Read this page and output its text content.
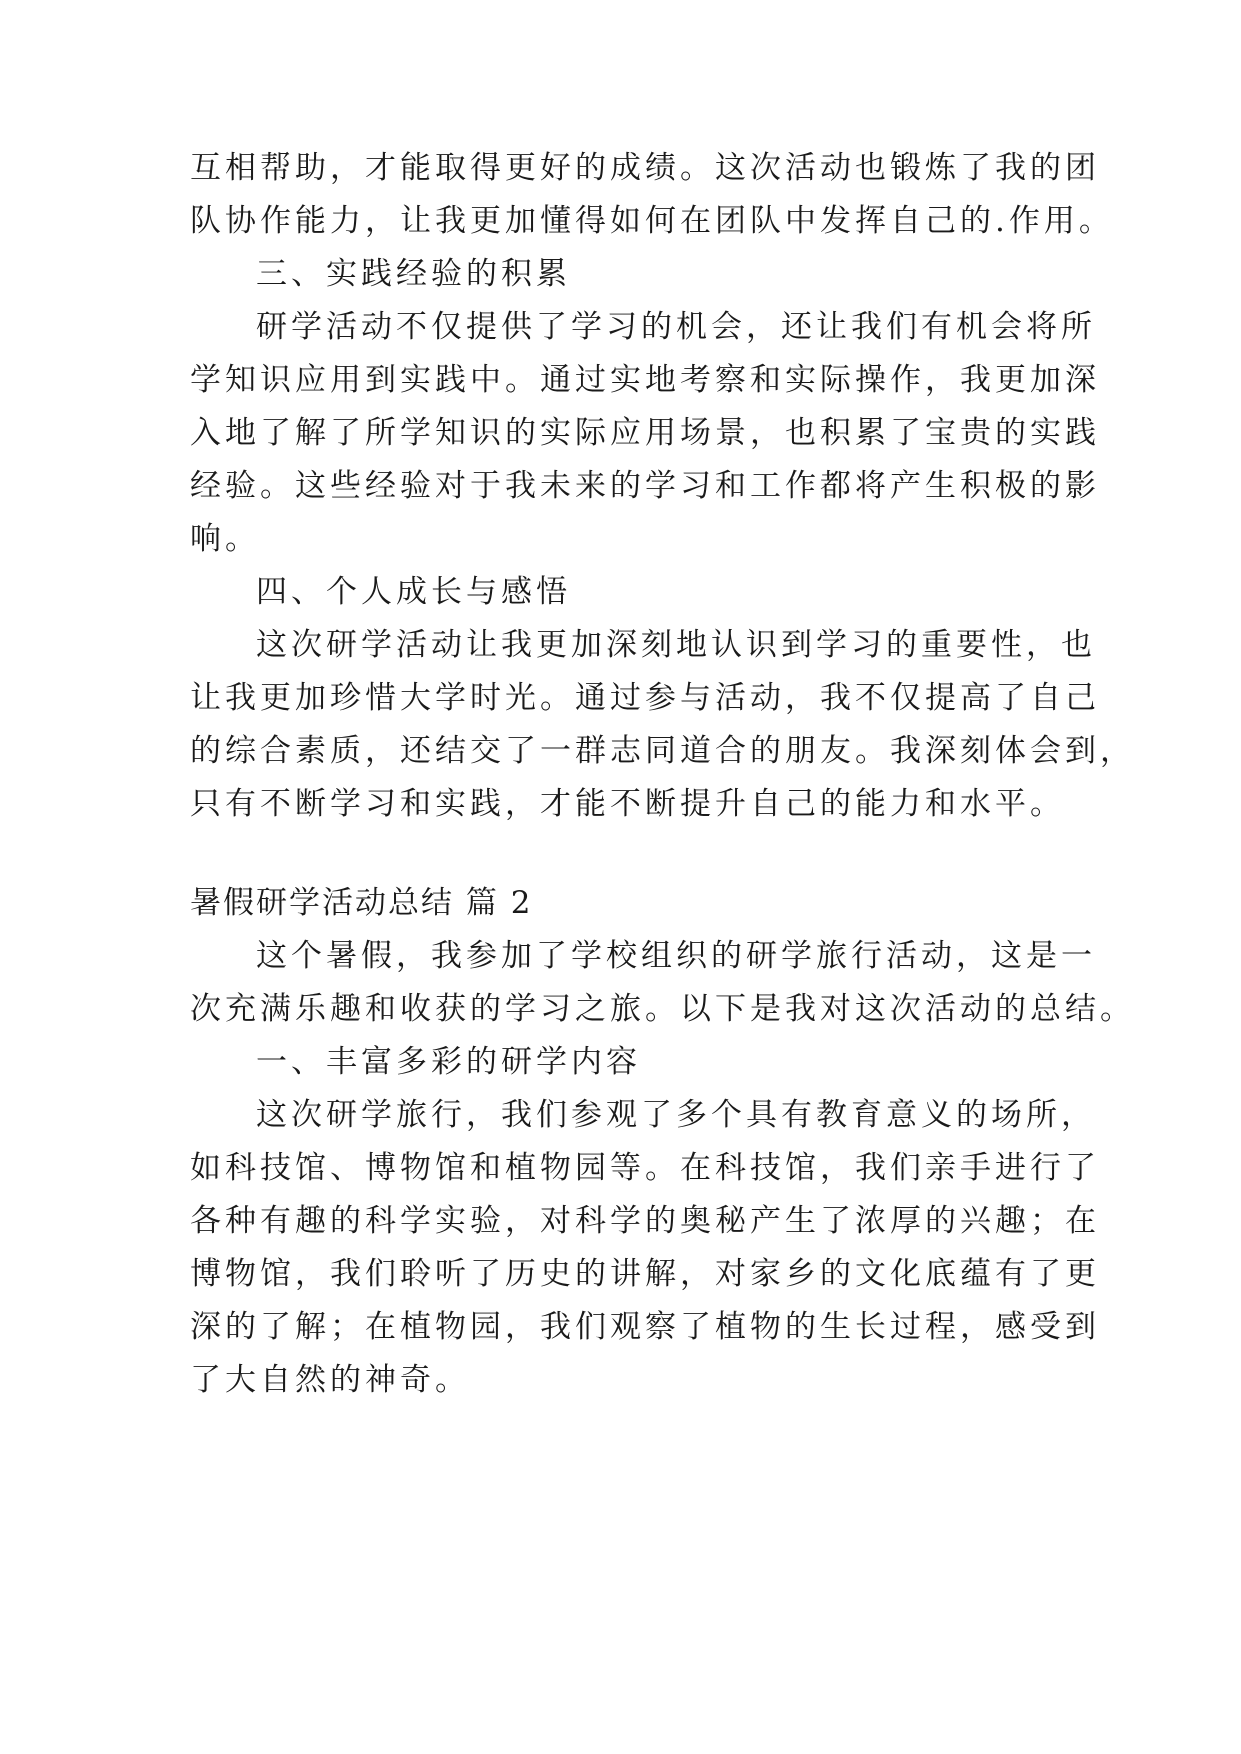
互相帮助，才能取得更好的成绩。这次活动也锻炼了我的团
队协作能力，让我更加懂得如何在团队中发挥自己的.作用。
三、实践经验的积累
研学活动不仅提供了学习的机会，还让我们有机会将所
学知识应用到实践中。通过实地考察和实际操作，我更加深
入地了解了所学知识的实际应用场景，也积累了宝贵的实践
经验。这些经验对于我未来的学习和工作都将产生积极的影
响。
四、个人成长与感悟
这次研学活动让我更加深刻地认识到学习的重要性，也
让我更加珍惜大学时光。通过参与活动，我不仅提高了自己
的综合素质，还结交了一群志同道合的朋友。我深刻体会到，
只有不断学习和实践，才能不断提升自己的能力和水平。
暑假研学活动总结 篇 2
这个暑假，我参加了学校组织的研学旅行活动，这是一
次充满乐趣和收获的学习之旅。以下是我对这次活动的总结。
一、丰富多彩的研学内容
这次研学旅行，我们参观了多个具有教育意义的场所，
如科技馆、博物馆和植物园等。在科技馆，我们亲手进行了
各种有趣的科学实验，对科学的奥秘产生了浓厚的兴趣；在
博物馆，我们聆听了历史的讲解，对家乡的文化底蕴有了更
深的了解；在植物园，我们观察了植物的生长过程，感受到
了大自然的神奇。
